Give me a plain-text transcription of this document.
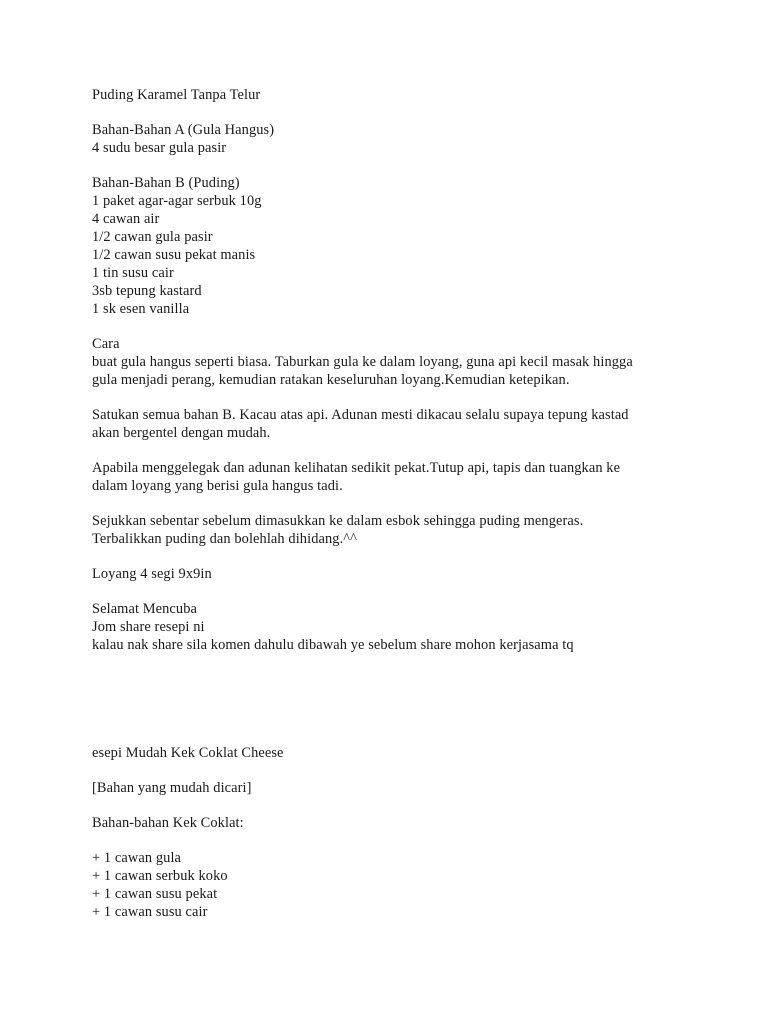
Puding Karamel Tanpa Telur
Bahan-Bahan A (Gula Hangus)
4 sudu besar gula pasir
Bahan-Bahan B (Puding)
1 paket agar-agar serbuk 10g
4 cawan air
1/2 cawan gula pasir
1/2 cawan susu pekat manis
1 tin susu cair
3sb tepung kastard
1 sk esen vanilla
Cara
buat gula hangus seperti biasa. Taburkan gula ke dalam loyang, guna api kecil masak hingga
gula menjadi perang, kemudian ratakan keseluruhan loyang.Kemudian ketepikan.
Satukan semua bahan B. Kacau atas api. Adunan mesti dikacau selalu supaya tepung kastad
akan bergentel dengan mudah.
Apabila menggelegak dan adunan kelihatan sedikit pekat.Tutup api, tapis dan tuangkan ke
dalam loyang yang berisi gula hangus tadi.
Sejukkan sebentar sebelum dimasukkan ke dalam esbok sehingga puding mengeras.
Terbalikkan puding dan bolehlah dihidang.^^
Loyang 4 segi 9x9in
Selamat Mencuba
Jom share resepi ni
kalau nak share sila komen dahulu dibawah ye sebelum share mohon kerjasama tq
esepi Mudah Kek Coklat Cheese
[Bahan yang mudah dicari]
Bahan-bahan Kek Coklat:
+ 1 cawan gula
+ 1 cawan serbuk koko
+ 1 cawan susu pekat
+ 1 cawan susu cair
